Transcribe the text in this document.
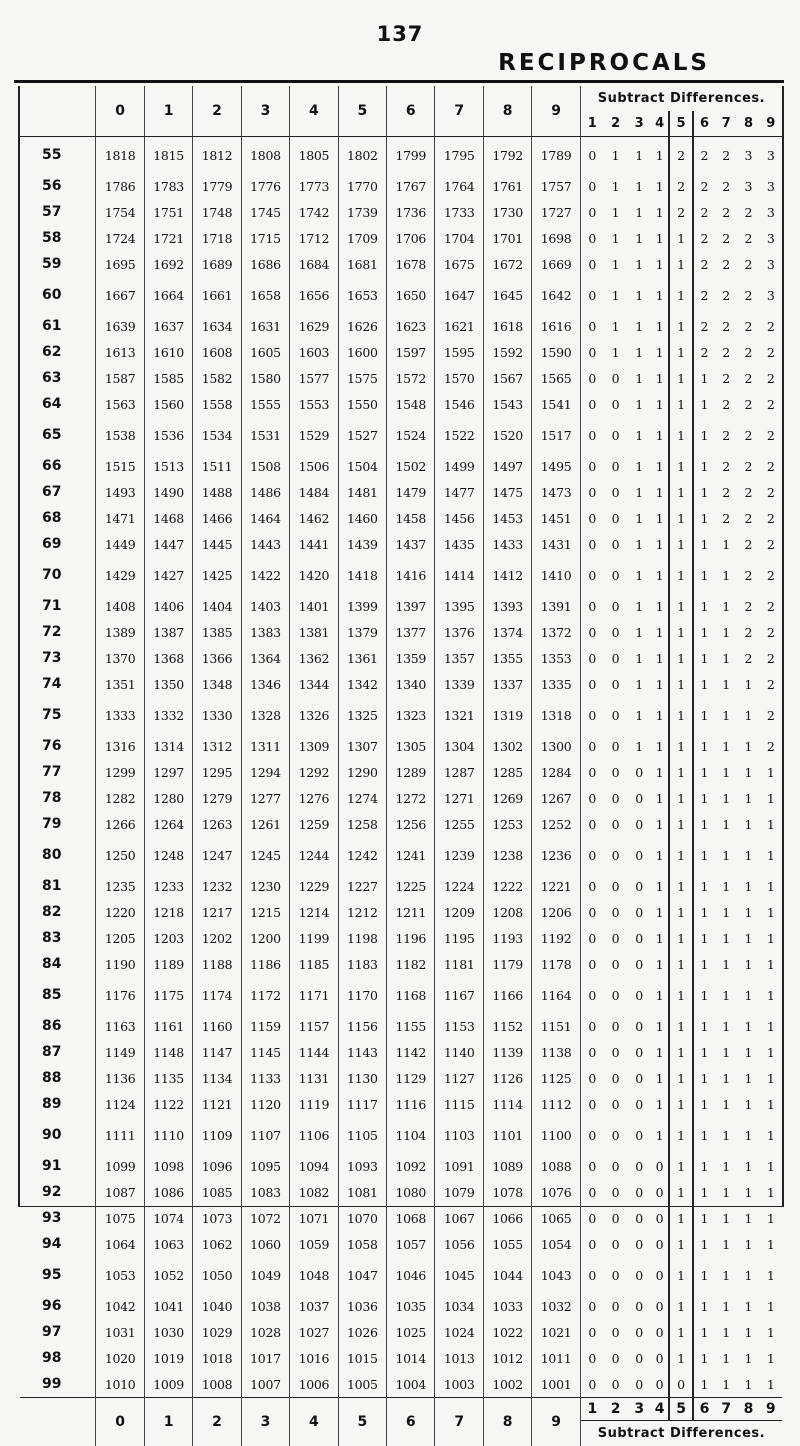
137
RECIPROCALS
	0	1	2	3	4	5	6	7	8	9	Subtract Differences.								
											1	2	3	4	5	6	7	8	9
55	1818	1815	1812	1808	1805	1802	1799	1795	1792	1789	0	1	1	1	2	2	2	3	3
56	1786	1783	1779	1776	1773	1770	1767	1764	1761	1757	0	1	1	1	2	2	2	3	3
57	1754	1751	1748	1745	1742	1739	1736	1733	1730	1727	0	1	1	1	2	2	2	2	3
58	1724	1721	1718	1715	1712	1709	1706	1704	1701	1698	0	1	1	1	1	2	2	2	3
59	1695	1692	1689	1686	1684	1681	1678	1675	1672	1669	0	1	1	1	1	2	2	2	3
60	1667	1664	1661	1658	1656	1653	1650	1647	1645	1642	0	1	1	1	1	2	2	2	3
61	1639	1637	1634	1631	1629	1626	1623	1621	1618	1616	0	1	1	1	1	2	2	2	2
62	1613	1610	1608	1605	1603	1600	1597	1595	1592	1590	0	1	1	1	1	2	2	2	2
63	1587	1585	1582	1580	1577	1575	1572	1570	1567	1565	0	0	1	1	1	1	2	2	2
64	1563	1560	1558	1555	1553	1550	1548	1546	1543	1541	0	0	1	1	1	1	2	2	2
65	1538	1536	1534	1531	1529	1527	1524	1522	1520	1517	0	0	1	1	1	1	2	2	2
66	1515	1513	1511	1508	1506	1504	1502	1499	1497	1495	0	0	1	1	1	1	2	2	2
67	1493	1490	1488	1486	1484	1481	1479	1477	1475	1473	0	0	1	1	1	1	2	2	2
68	1471	1468	1466	1464	1462	1460	1458	1456	1453	1451	0	0	1	1	1	1	2	2	2
69	1449	1447	1445	1443	1441	1439	1437	1435	1433	1431	0	0	1	1	1	1	1	2	2
70	1429	1427	1425	1422	1420	1418	1416	1414	1412	1410	0	0	1	1	1	1	1	2	2
71	1408	1406	1404	1403	1401	1399	1397	1395	1393	1391	0	0	1	1	1	1	1	2	2
72	1389	1387	1385	1383	1381	1379	1377	1376	1374	1372	0	0	1	1	1	1	1	2	2
73	1370	1368	1366	1364	1362	1361	1359	1357	1355	1353	0	0	1	1	1	1	1	2	2
74	1351	1350	1348	1346	1344	1342	1340	1339	1337	1335	0	0	1	1	1	1	1	1	2
75	1333	1332	1330	1328	1326	1325	1323	1321	1319	1318	0	0	1	1	1	1	1	1	2
76	1316	1314	1312	1311	1309	1307	1305	1304	1302	1300	0	0	1	1	1	1	1	1	2
77	1299	1297	1295	1294	1292	1290	1289	1287	1285	1284	0	0	0	1	1	1	1	1	1
78	1282	1280	1279	1277	1276	1274	1272	1271	1269	1267	0	0	0	1	1	1	1	1	1
79	1266	1264	1263	1261	1259	1258	1256	1255	1253	1252	0	0	0	1	1	1	1	1	1
80	1250	1248	1247	1245	1244	1242	1241	1239	1238	1236	0	0	0	1	1	1	1	1	1
81	1235	1233	1232	1230	1229	1227	1225	1224	1222	1221	0	0	0	1	1	1	1	1	1
82	1220	1218	1217	1215	1214	1212	1211	1209	1208	1206	0	0	0	1	1	1	1	1	1
83	1205	1203	1202	1200	1199	1198	1196	1195	1193	1192	0	0	0	1	1	1	1	1	1
84	1190	1189	1188	1186	1185	1183	1182	1181	1179	1178	0	0	0	1	1	1	1	1	1
85	1176	1175	1174	1172	1171	1170	1168	1167	1166	1164	0	0	0	1	1	1	1	1	1
86	1163	1161	1160	1159	1157	1156	1155	1153	1152	1151	0	0	0	1	1	1	1	1	1
87	1149	1148	1147	1145	1144	1143	1142	1140	1139	1138	0	0	0	1	1	1	1	1	1
88	1136	1135	1134	1133	1131	1130	1129	1127	1126	1125	0	0	0	1	1	1	1	1	1
89	1124	1122	1121	1120	1119	1117	1116	1115	1114	1112	0	0	0	1	1	1	1	1	1
90	1111	1110	1109	1107	1106	1105	1104	1103	1101	1100	0	0	0	1	1	1	1	1	1
91	1099	1098	1096	1095	1094	1093	1092	1091	1089	1088	0	0	0	0	1	1	1	1	1
92	1087	1086	1085	1083	1082	1081	1080	1079	1078	1076	0	0	0	0	1	1	1	1	1
93	1075	1074	1073	1072	1071	1070	1068	1067	1066	1065	0	0	0	0	1	1	1	1	1
94	1064	1063	1062	1060	1059	1058	1057	1056	1055	1054	0	0	0	0	1	1	1	1	1
95	1053	1052	1050	1049	1048	1047	1046	1045	1044	1043	0	0	0	0	1	1	1	1	1
96	1042	1041	1040	1038	1037	1036	1035	1034	1033	1032	0	0	0	0	1	1	1	1	1
97	1031	1030	1029	1028	1027	1026	1025	1024	1022	1021	0	0	0	0	1	1	1	1	1
98	1020	1019	1018	1017	1016	1015	1014	1013	1012	1011	0	0	0	0	1	1	1	1	1
99	1010	1009	1008	1007	1006	1005	1004	1003	1002	1001	0	0	0	0	0	1	1	1	1
	0	1	2	3	4	5	6	7	8	9	1	2	3	4	5	6	7	8	9
											Subtract Differences.								
